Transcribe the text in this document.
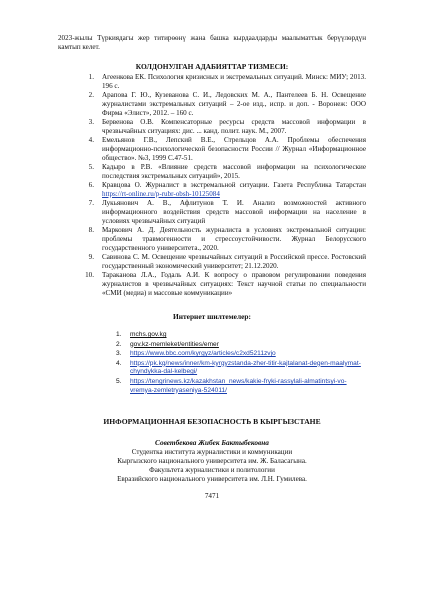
2023-жылы Түркиядагы жер титирөөнү жана башка кырдаалдарды маалыматтык берүүлөрдүн камтып келет.

КОЛДОНУЛГАН АДАБИЯТТАР ТИЗМЕСИ:
1.	Агеенкова ЕК. Психология кризисных и экстремальных ситуаций. Минск: МИУ; 2013. 196 с.
2.	Арапова Г. Ю., Кузеванова С. И., Ледовских М. А., Пантелеев Б. Н. Освещение журналистами экстремальных ситуаций – 2-ое изд., испр. и доп. - Воронеж: ООО Фирма «Элист», 2012. – 160 с.
3.	Бервенова О.В. Компенсаторные ресурсы средств массовой информации в чрезвычайных ситуациях: дис. ... канд. полит. наук. М., 2007.
4.	Емельянов Г.В., Лепский В.Е., Стрельцов А.А. Проблемы обеспечения информационно-психологической безопасности России // Журнал «Информационное общество». №3, 1999 С.47-51.
5.	Кадыро в Р.В. «Влияние средств массовой информации на психологические последствия экстремальных ситуаций», 2015.
6.	Кравцова О. Журналист в экстремальной ситуации. Газета Республика Татарстан https://rt-online.ru/p-rubr-obsh-10125084
7.	Лукьянович А. В., Афлитунов Т. И. Анализ возможностей активного информационного воздействия средств массовой информации на население в условиях чрезвычайных ситуаций
8.	Маркович А. Д. Деятельность журналиста в условиях экстремальной ситуации: проблемы травмогенности и стрессоустойчивости. Журнал Белорусского государственного университета., 2020.
9.	Савинова С. М. Освещение чрезвычайных ситуаций в Российской прессе. Ростовский государственный экономический университет; 21.12.2020.
10.	Тараканова Л.А., Годаль А.И. К вопросу о правовом регулировании поведения журналистов в чрезвычайных ситуациях: Текст научной статьи по специальности «СМИ (медиа) и массовые коммуникации»
Интернет шилтемелер:
1.	mchs.gov.kg
2.	gov.kz-memleket/entities/emer
3.	https://www.bbc.com/kyrgyz/articles/c2xd5211zvjo
4.	https://pk.kg/news/inner/km-kyrgyzstanda-zher-titir-kajtalanat-degen-maalymat-chyndykka-dal-kelbegi/
5.	https://tengrinews.kz/kazakhstan_news/kakie-fryki-rassylali-almatintsyi-vo-vremya-zemletryaseniya-524011/
ИНФОРМАЦИОННАЯ БЕЗОПАСНОСТЬ В КЫРГЫЗСТАНЕ
Советбекова Жибек Бактыбековна

Студентка института журналистики и коммуникации

Кыргызского национального университета им. Ж. Баласагына.

Факультета журналистики и политологии

Евразийского национального университета им. Л.Н. Гумилева.

7471
